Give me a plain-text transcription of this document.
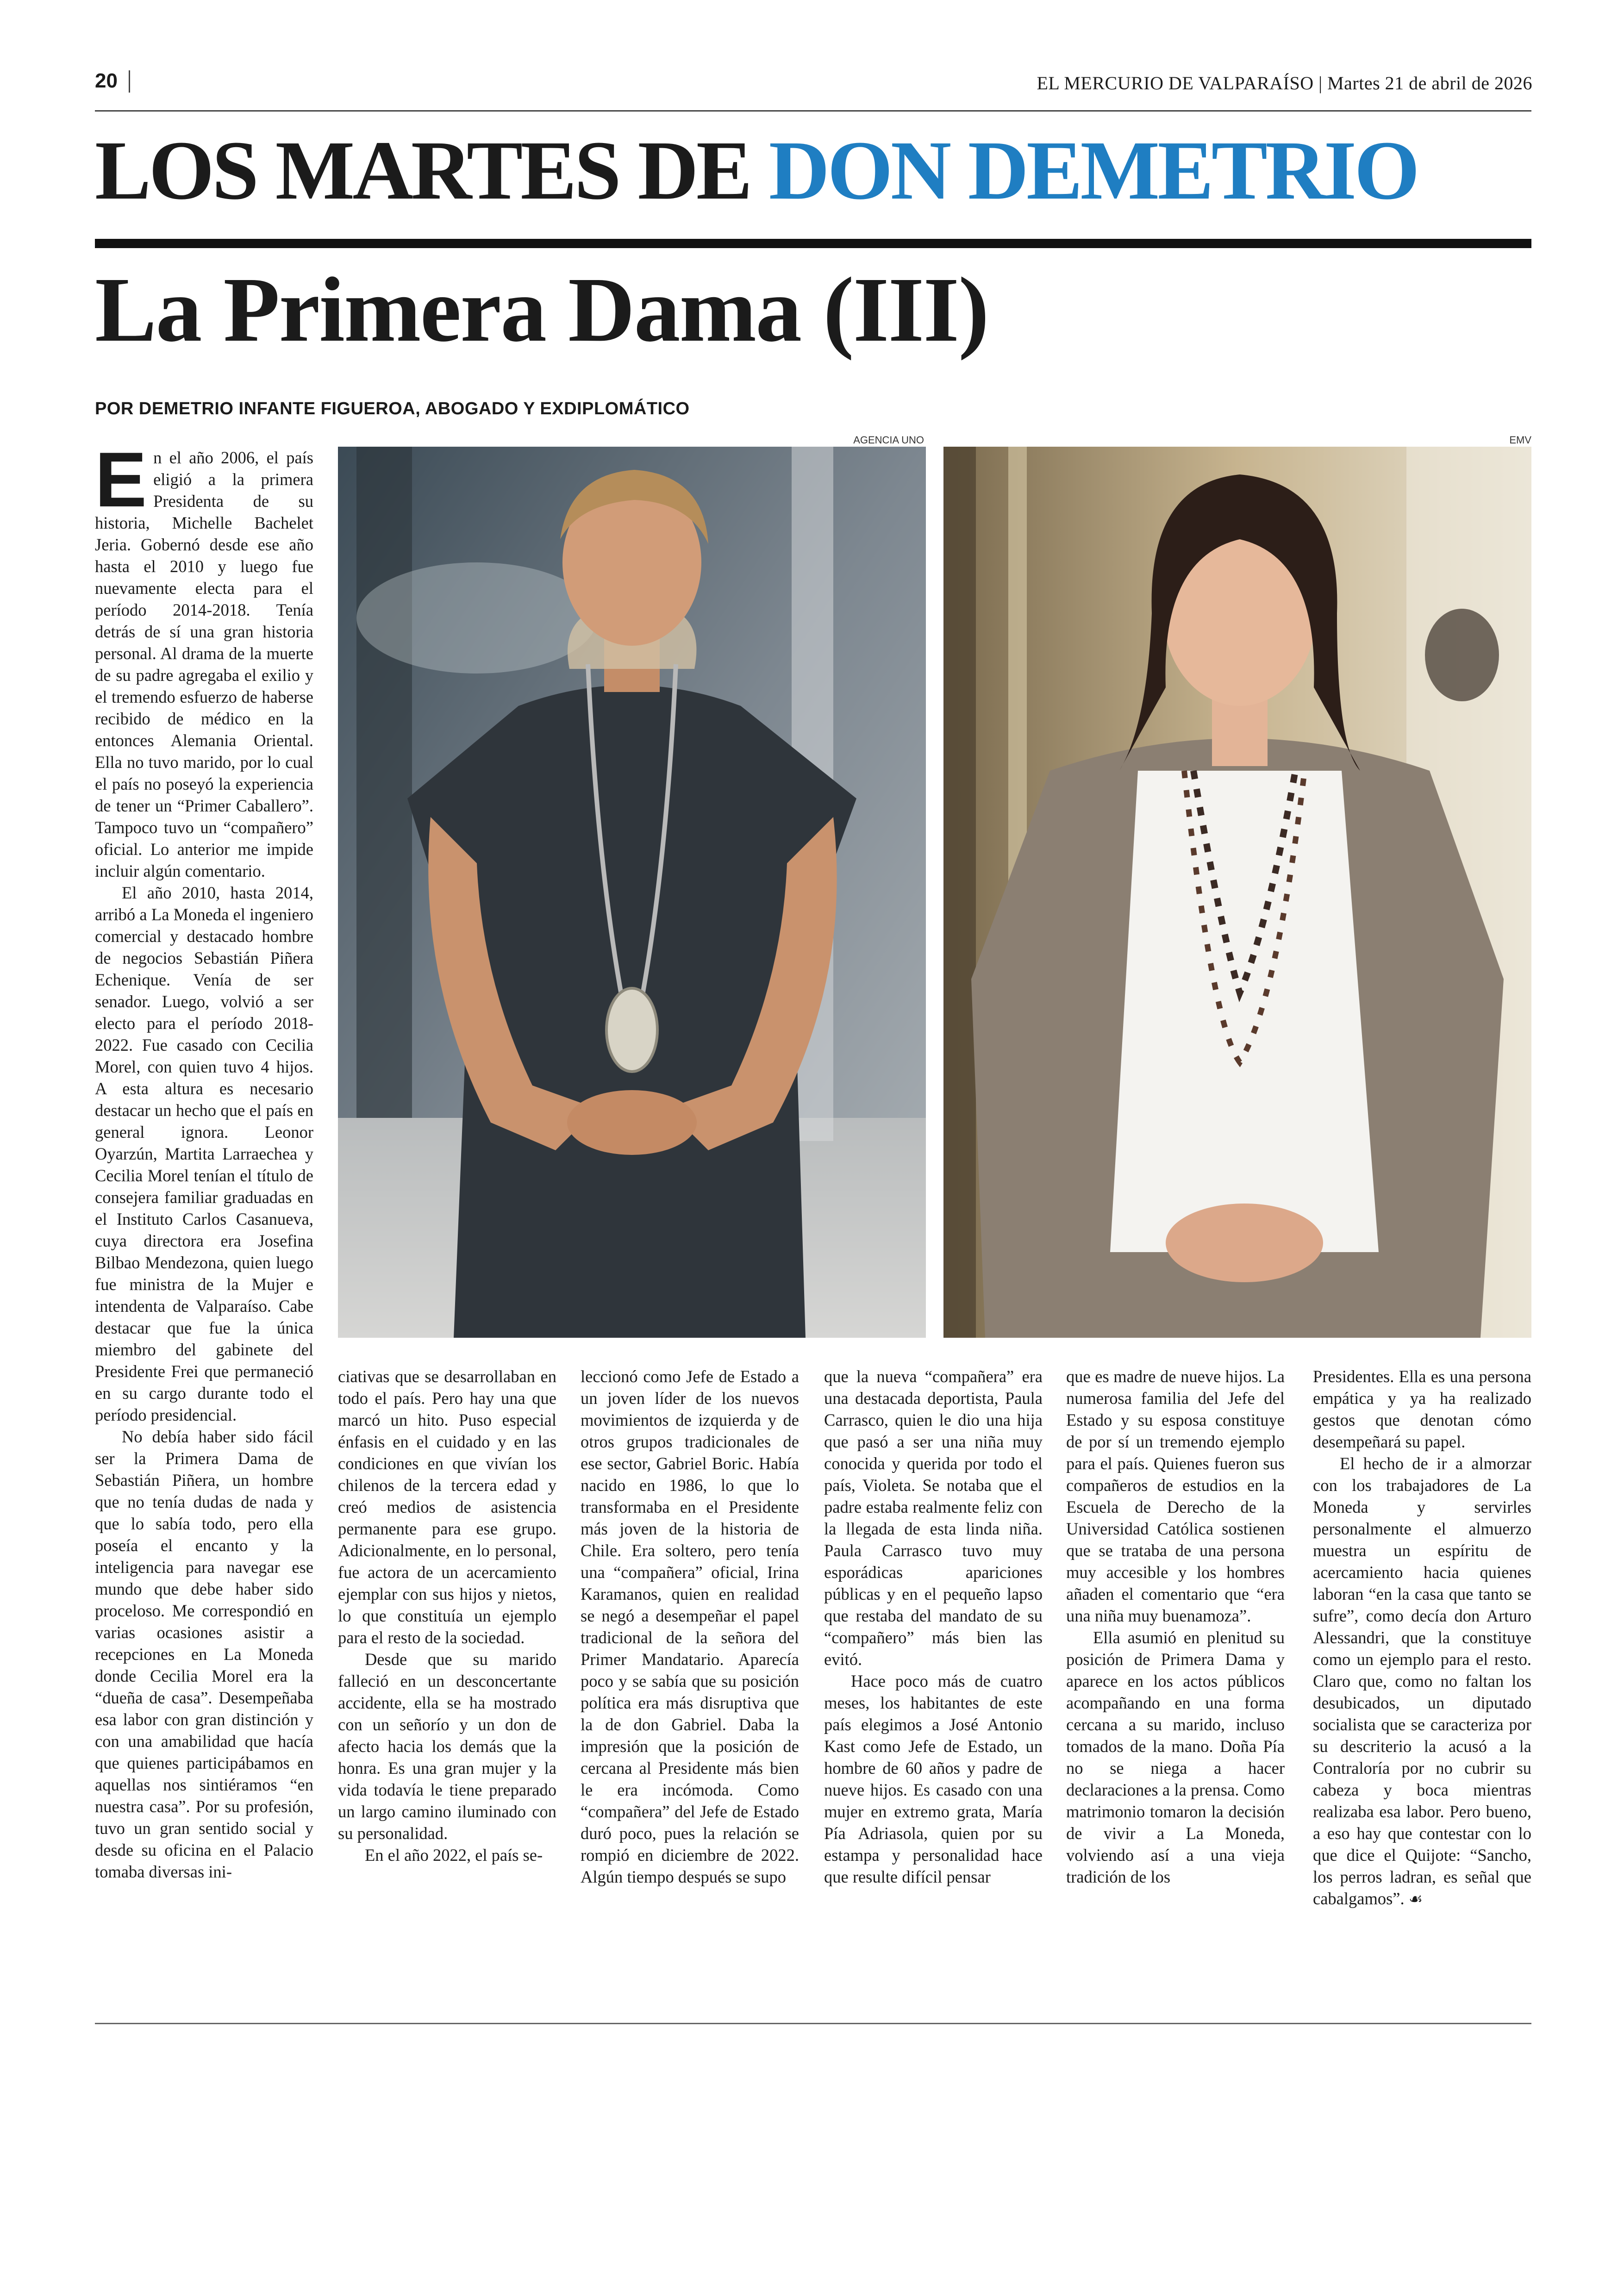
20	EL MERCURIO DE VALPARAÍSO | Martes 21 de abril de 2026
LOS MARTES DE DON DEMETRIO
La Primera Dama (III)
POR DEMETRIO INFANTE FIGUEROA, ABOGADO Y EXDIPLOMÁTICO
AGENCIA UNO	EMV

En el año 2006, el país eligió a la primera Presidenta de su historia, Michelle Bachelet Jeria. Gobernó desde ese año hasta el 2010 y luego fue nuevamente electa para el período 2014-2018. Tenía detrás de sí una gran historia personal. Al drama de la muerte de su padre agregaba el exilio y el tremendo esfuerzo de haberse recibido de médico en la entonces Alemania Oriental. Ella no tuvo marido, por lo cual el país no poseyó la experiencia de tener un “Primer Caballero”. Tampoco tuvo un “compañero” oficial. Lo anterior me impide incluir algún comentario.

El año 2010, hasta 2014, arribó a La Moneda el ingeniero comercial y destacado hombre de negocios Sebastián Piñera Echenique. Venía de ser senador. Luego, volvió a ser electo para el período 2018-2022. Fue casado con Cecilia Morel, con quien tuvo 4 hijos. A esta altura es necesario destacar un hecho que el país en general ignora. Leonor Oyarzún, Martita Larraechea y Cecilia Morel tenían el título de consejera familiar graduadas en el Instituto Carlos Casanueva, cuya directora era Josefina Bilbao Mendezona, quien luego fue ministra de la Mujer e intendenta de Valparaíso. Cabe destacar que fue la única miembro del gabinete del Presidente Frei que permaneció en su cargo durante todo el período presidencial.

No debía haber sido fácil ser la Primera Dama de Sebastián Piñera, un hombre que no tenía dudas de nada y que lo sabía todo, pero ella poseía el encanto y la inteligencia para navegar ese mundo que debe haber sido proceloso. Me correspondió en varias ocasiones asistir a recepciones en La Moneda donde Cecilia Morel era la “dueña de casa”. Desempeñaba esa labor con gran distinción y con una amabilidad que hacía que quienes participábamos en aquellas nos sintiéramos “en nuestra casa”. Por su profesión, tuvo un gran sentido social y desde su oficina en el Palacio tomaba diversas ini-

ciativas que se desarrollaban en todo el país. Pero hay una que marcó un hito. Puso especial énfasis en el cuidado y en las condiciones en que vivían los chilenos de la tercera edad y creó medios de asistencia permanente para ese grupo. Adicionalmente, en lo personal, fue actora de un acercamiento ejemplar con sus hijos y nietos, lo que constituía un ejemplo para el resto de la sociedad.

Desde que su marido falleció en un desconcertante accidente, ella se ha mostrado con un señorío y un don de afecto hacia los demás que la honra. Es una gran mujer y la vida todavía le tiene preparado un largo camino iluminado con su personalidad.

En el año 2022, el país se-

leccionó como Jefe de Estado a un joven líder de los nuevos movimientos de izquierda y de otros grupos tradicionales de ese sector, Gabriel Boric. Había nacido en 1986, lo que lo transformaba en el Presidente más joven de la historia de Chile. Era soltero, pero tenía una “compañera” oficial, Irina Karamanos, quien en realidad se negó a desempeñar el papel tradicional de la señora del Primer Mandatario. Aparecía poco y se sabía que su posición política era más disruptiva que la de don Gabriel. Daba la impresión que la posición de cercana al Presidente más bien le era incómoda. Como “compañera” del Jefe de Estado duró poco, pues la relación se rompió en diciembre de 2022. Algún tiempo después se supo

que la nueva “compañera” era una destacada deportista, Paula Carrasco, quien le dio una hija que pasó a ser una niña muy conocida y querida por todo el país, Violeta. Se notaba que el padre estaba realmente feliz con la llegada de esta linda niña. Paula Carrasco tuvo muy esporádicas apariciones públicas y en el pequeño lapso que restaba del mandato de su “compañero” más bien las evitó.

Hace poco más de cuatro meses, los habitantes de este país elegimos a José Antonio Kast como Jefe de Estado, un hombre de 60 años y padre de nueve hijos. Es casado con una mujer en extremo grata, María Pía Adriasola, quien por su estampa y personalidad hace que resulte difícil pensar

que es madre de nueve hijos. La numerosa familia del Jefe del Estado y su esposa constituye de por sí un tremendo ejemplo para el país. Quienes fueron sus compañeros de estudios en la Escuela de Derecho de la Universidad Católica sostienen que se trataba de una persona muy accesible y los hombres añaden el comentario que “era una niña muy buenamoza”.

Ella asumió en plenitud su posición de Primera Dama y aparece en los actos públicos acompañando en una forma cercana a su marido, incluso tomados de la mano. Doña Pía no se niega a hacer declaraciones a la prensa. Como matrimonio tomaron la decisión de vivir a La Moneda, volviendo así a una vieja tradición de los

Presidentes. Ella es una persona empática y ya ha realizado gestos que denotan cómo desempeñará su papel.

El hecho de ir a almorzar con los trabajadores de La Moneda y servirles personalmente el almuerzo muestra un espíritu de acercamiento hacia quienes laboran “en la casa que tanto se sufre”, como decía don Arturo Alessandri, que la constituye como un ejemplo para el resto. Claro que, como no faltan los desubicados, un diputado socialista que se caracteriza por su descriterio la acusó a la Contraloría por no cubrir su cabeza y boca mientras realizaba esa labor. Pero bueno, a eso hay que contestar con lo que dice el Quijote: “Sancho, los perros ladran, es señal que cabalgamos”. ☙
